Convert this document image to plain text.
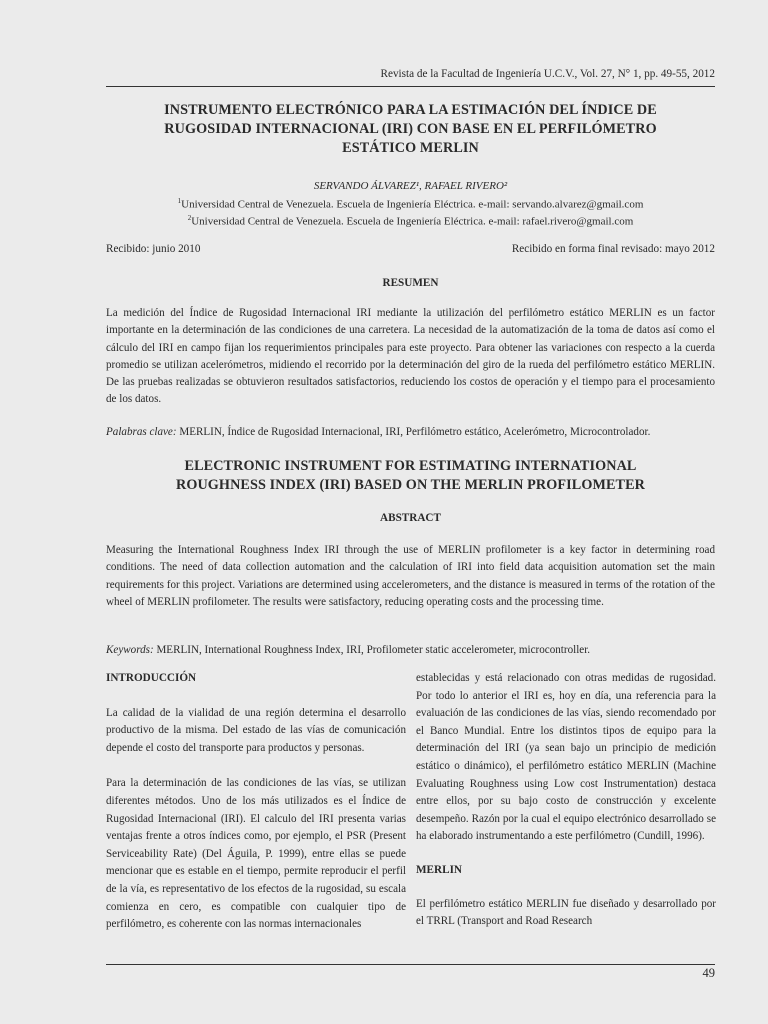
Revista de la Facultad de Ingeniería U.C.V., Vol. 27, N° 1, pp. 49-55, 2012
INSTRUMENTO ELECTRÓNICO PARA LA ESTIMACIÓN DEL ÍNDICE DE
RUGOSIDAD INTERNACIONAL (IRI) CON BASE EN EL PERFILÓMETRO
ESTÁTICO MERLIN
SERVANDO ÁLVAREZ¹, RAFAEL RIVERO²
$^1$Universidad Central de Venezuela. Escuela de Ingeniería Eléctrica. e-mail: servando.alvarez@gmail.com
$^2$Universidad Central de Venezuela. Escuela de Ingeniería Eléctrica. e-mail: rafael.rivero@gmail.com
Recibido: junio 2010	Recibido en forma final revisado: mayo 2012
RESUMEN
La medición del Índice de Rugosidad Internacional IRI mediante la utilización del perfilómetro estático MERLIN es un factor importante en la determinación de las condiciones de una carretera. La necesidad de la automatización de la toma de datos así como el cálculo del IRI en campo fijan los requerimientos principales para este proyecto. Para obtener las variaciones con respecto a la cuerda promedio se utilizan acelerómetros, midiendo el recorrido por la determinación del giro de la rueda del perfilómetro estático MERLIN. De las pruebas realizadas se obtuvieron resultados satisfactorios, reduciendo los costos de operación y el tiempo para el procesamiento de los datos.
Palabras clave: MERLIN, Índice de Rugosidad Internacional, IRI, Perfilómetro estático, Acelerómetro, Microcontrolador.
ELECTRONIC INSTRUMENT FOR ESTIMATING INTERNATIONAL
ROUGHNESS INDEX (IRI) BASED ON THE MERLIN PROFILOMETER
ABSTRACT
Measuring the International Roughness Index IRI through the use of MERLIN profilometer is a key factor in determining road conditions. The need of data collection automation and the calculation of IRI into field data acquisition automation set the main requirements for this project. Variations are determined using accelerometers, and the distance is measured in terms of the rotation of the wheel of MERLIN profilometer. The results were satisfactory, reducing operating costs and the processing time.
Keywords: MERLIN, International Roughness Index, IRI, Profilometer static accelerometer, microcontroller.
INTRODUCCIÓN

La calidad de la vialidad de una región determina el desarrollo productivo de la misma. Del estado de las vías de comunicación depende el costo del transporte para productos y personas.

Para la determinación de las condiciones de las vías, se utilizan diferentes métodos. Uno de los más utilizados es el Índice de Rugosidad Internacional (IRI). El calculo del IRI presenta varias ventajas frente a otros índices como, por ejemplo, el PSR (Present Serviceability Rate) (Del Águila, P. 1999), entre ellas se puede mencionar que es estable en el tiempo, permite reproducir el perfil de la vía, es representativo de los efectos de la rugosidad, su escala comienza en cero, es compatible con cualquier tipo de perfilómetro, es coherente con las normas internacionales

establecidas y está relacionado con otras medidas de rugosidad. Por todo lo anterior el IRI es, hoy en día, una referencia para la evaluación de las condiciones de las vías, siendo recomendado por el Banco Mundial. Entre los distintos tipos de equipo para la determinación del IRI (ya sean bajo un principio de medición estático o dinámico), el perfilómetro estático MERLIN (Machine Evaluating Roughness using Low cost Instrumentation) destaca entre ellos, por su bajo costo de construcción y excelente desempeño. Razón por la cual el equipo electrónico desarrollado se ha elaborado instrumentando a este perfilómetro (Cundill, 1996).

MERLIN

El perfilómetro estático MERLIN fue diseñado y desarrollado por el TRRL (Transport and Road Research

49
